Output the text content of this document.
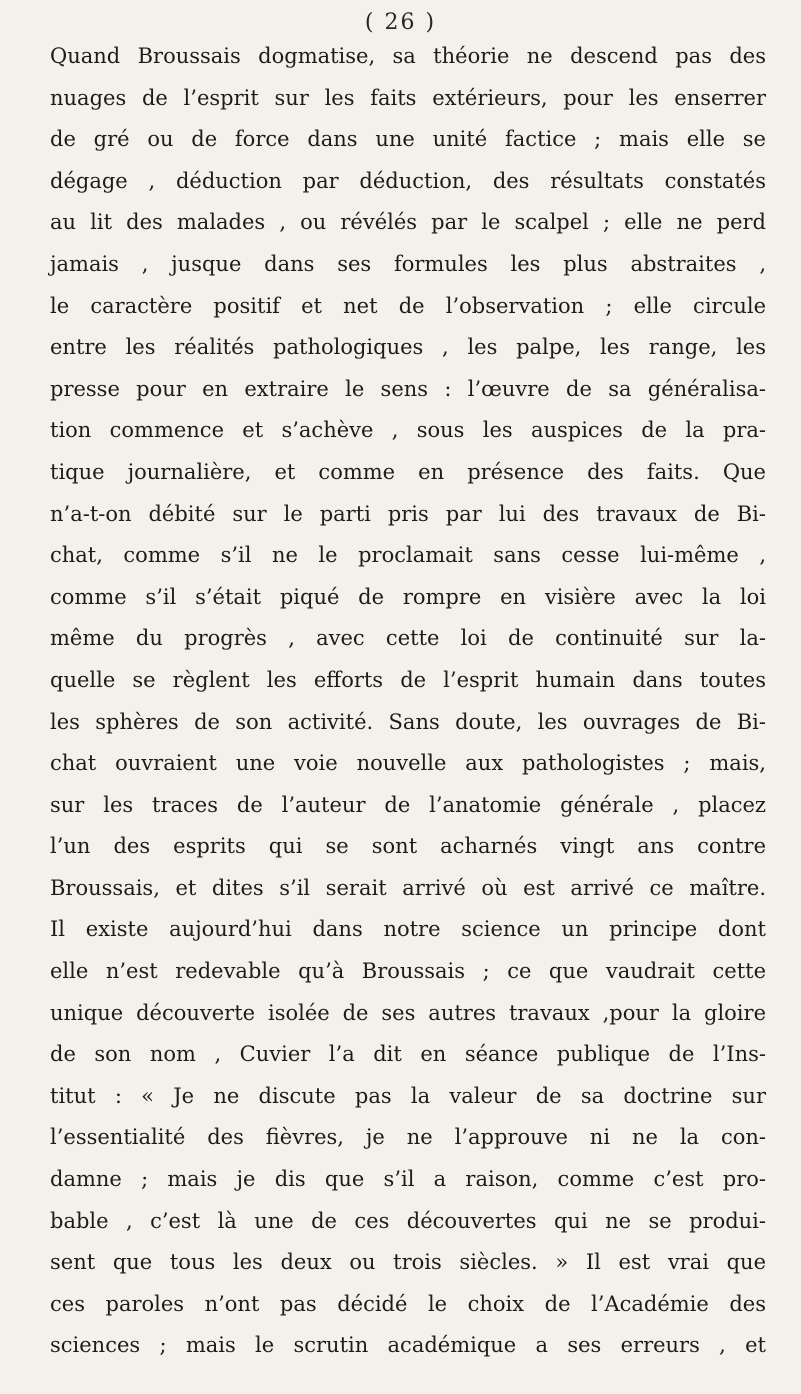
( 26 )
Quand Broussais dogmatise, sa théorie ne descend pas des
nuages de l’esprit sur les faits extérieurs, pour les enserrer
de gré ou de force dans une unité factice ; mais elle se
dégage , déduction par déduction, des résultats constatés
au lit des malades , ou révélés par le scalpel ; elle ne perd
jamais , jusque dans ses formules les plus abstraites ,
le caractère positif et net de l’observation ; elle circule
entre les réalités pathologiques , les palpe, les range, les
presse pour en extraire le sens : l’œuvre de sa généralisa-
tion commence et s’achève , sous les auspices de la pra-
tique journalière, et comme en présence des faits. Que
n’a-t-on débité sur le parti pris par lui des travaux de Bi-
chat, comme s’il ne le proclamait sans cesse lui-même ,
comme s’il s’était piqué de rompre en visière avec la loi
même du progrès , avec cette loi de continuité sur la-
quelle se règlent les efforts de l’esprit humain dans toutes
les sphères de son activité. Sans doute, les ouvrages de Bi-
chat ouvraient une voie nouvelle aux pathologistes ; mais,
sur les traces de l’auteur de l’anatomie générale , placez
l’un des esprits qui se sont acharnés vingt ans contre
Broussais, et dites s’il serait arrivé où est arrivé ce maître.
Il existe aujourd’hui dans notre science un principe dont
elle n’est redevable qu’à Broussais ; ce que vaudrait cette
unique découverte isolée de ses autres travaux ,pour la gloire
de son nom , Cuvier l’a dit en séance publique de l’Ins-
titut : « Je ne discute pas la valeur de sa doctrine sur
l’essentialité des fièvres, je ne l’approuve ni ne la con-
damne ; mais je dis que s’il a raison, comme c’est pro-
bable , c’est là une de ces découvertes qui ne se produi-
sent que tous les deux ou trois siècles. » Il est vrai que
ces paroles n’ont pas décidé le choix de l’Académie des
sciences ; mais le scrutin académique a ses erreurs , et
